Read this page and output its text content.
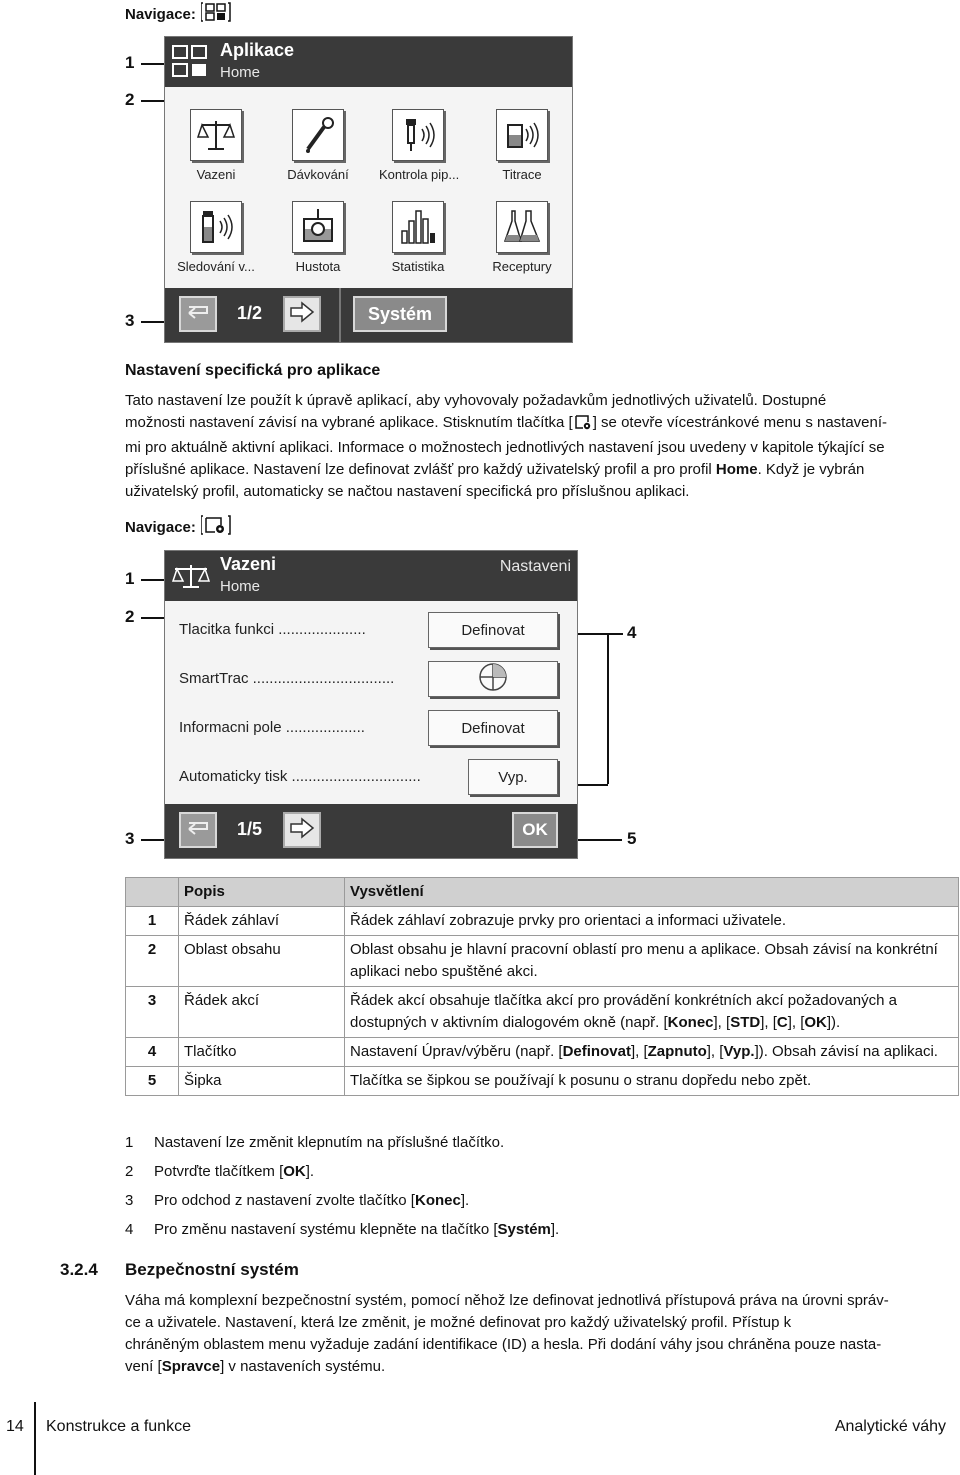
Navigace:
1
2
3
Aplikace
Home
Vazeni	Dávkování	Kontrola pip...	Titrace
Sledování v...	Hustota	Statistika	Receptury
1/2	Systém
Nastavení specifická pro aplikace
Tato nastavení lze použít k úpravě aplikací, aby vyhovovaly požadavkům jednotlivých uživatelů. Dostupné
možnosti nastavení závisí na vybrané aplikace. Stisknutím tlačítka [ ] se otevře vícestránkové menu s nastavení-
mi pro aktuálně aktivní aplikaci. Informace o možnostech jednotlivých nastavení jsou uvedeny v kapitole týkající se
příslušné aplikace. Nastavení lze definovat zvlášť pro každý uživatelský profil a pro profil Home. Když je vybrán
uživatelský profil, automaticky se načtou nastavení specifická pro příslušnou aplikaci.
Navigace:
1
2
3
4
5
Vazeni
Home
Nastaveni
Tlacitka funkci .....................	Definovat
SmartTrac ..................................
Informacni pole ...................	Definovat
Automaticky tisk ...............................	Vyp.
1/5	OK
	Popis	Vysvětlení
1	Řádek záhlaví	Řádek záhlaví zobrazuje prvky pro orientaci a informaci uživatele.
2	Oblast obsahu	Oblast obsahu je hlavní pracovní oblastí pro menu a aplikace. Obsah závisí na konkrétní aplikaci nebo spuštěné akci.
3	Řádek akcí	Řádek akcí obsahuje tlačítka akcí pro provádění konkrétních akcí požadovaných a dostupných v aktivním dialogovém okně (např. [Konec], [STD], [C], [OK]).
4	Tlačítko	Nastavení Úprav/výběru (např. [Definovat], [Zapnuto], [Vyp.]). Obsah závisí na aplikaci.
5	Šipka	Tlačítka se šipkou se používají k posunu o stranu dopředu nebo zpět.
1 Nastavení lze změnit klepnutím na příslušné tlačítko.
2 Potvrďte tlačítkem [OK].
3 Pro odchod z nastavení zvolte tlačítko [Konec].
4 Pro změnu nastavení systému klepněte na tlačítko [Systém].
3.2.4 Bezpečnostní systém
Váha má komplexní bezpečnostní systém, pomocí něhož lze definovat jednotlivá přístupová práva na úrovni správ-
ce a uživatele. Nastavení, která lze změnit, je možné definovat pro každý uživatelský profil. Přístup k
chráněným oblastem menu vyžaduje zadání identifikace (ID) a hesla. Při dodání váhy jsou chráněna pouze nasta-
vení [Spravce] v nastaveních systému.
14 Konstrukce a funkce	Analytické váhy
